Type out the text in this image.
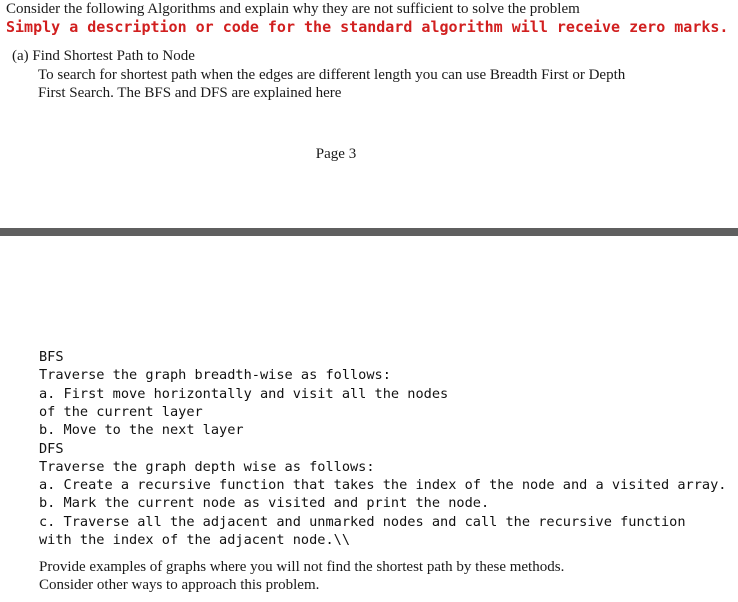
Consider the following Algorithms and explain why they are not sufficient to solve the problem
Simply a description or code for the standard algorithm will receive zero marks.
(a) Find Shortest Path to Node
To search for shortest path when the edges are different length you can use Breadth First or Depth
First Search. The BFS and DFS are explained here
Page 3
BFS
Traverse the graph breadth-wise as follows:
a. First move horizontally and visit all the nodes
of the current layer
b. Move to the next layer
DFS
Traverse the graph depth wise as follows:
a. Create a recursive function that takes the index of the node and a visited array.
b. Mark the current node as visited and print the node.
c. Traverse all the adjacent and unmarked nodes and call the recursive function
with the index of the adjacent node.\\
Provide examples of graphs where you will not find the shortest path by these methods.
Consider other ways to approach this problem.
